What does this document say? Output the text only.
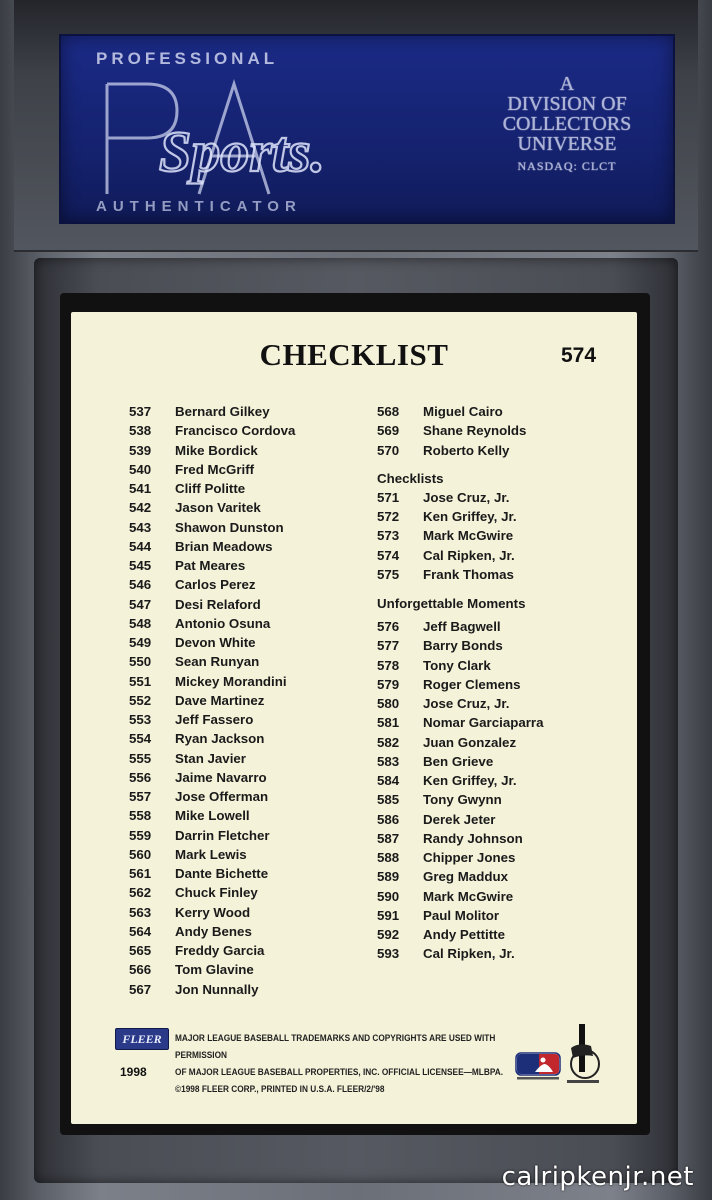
PROFESSIONAL
Sports.
AUTHENTICATOR
A
DIVISION OF
COLLECTORS
UNIVERSE
NASDAQ: CLCT
CHECKLIST	574
537	Bernard Gilkey
538	Francisco Cordova
539	Mike Bordick
540	Fred McGriff
541	Cliff Politte
542	Jason Varitek
543	Shawon Dunston
544	Brian Meadows
545	Pat Meares
546	Carlos Perez
547	Desi Relaford
548	Antonio Osuna
549	Devon White
550	Sean Runyan
551	Mickey Morandini
552	Dave Martinez
553	Jeff Fassero
554	Ryan Jackson
555	Stan Javier
556	Jaime Navarro
557	Jose Offerman
558	Mike Lowell
559	Darrin Fletcher
560	Mark Lewis
561	Dante Bichette
562	Chuck Finley
563	Kerry Wood
564	Andy Benes
565	Freddy Garcia
566	Tom Glavine
567	Jon Nunnally
568	Miguel Cairo
569	Shane Reynolds
570	Roberto Kelly
Checklists
571	Jose Cruz, Jr.
572	Ken Griffey, Jr.
573	Mark McGwire
574	Cal Ripken, Jr.
575	Frank Thomas
Unforgettable Moments
576	Jeff Bagwell
577	Barry Bonds
578	Tony Clark
579	Roger Clemens
580	Jose Cruz, Jr.
581	Nomar Garciaparra
582	Juan Gonzalez
583	Ben Grieve
584	Ken Griffey, Jr.
585	Tony Gwynn
586	Derek Jeter
587	Randy Johnson
588	Chipper Jones
589	Greg Maddux
590	Mark McGwire
591	Paul Molitor
592	Andy Pettitte
593	Cal Ripken, Jr.
FLEER
1998
MAJOR LEAGUE BASEBALL TRADEMARKS AND COPYRIGHTS ARE USED WITH PERMISSION
OF MAJOR LEAGUE BASEBALL PROPERTIES, INC. OFFICIAL LICENSEE—MLBPA.
©1998 FLEER CORP., PRINTED IN U.S.A. FLEER/2/'98
calripkenjr.net
